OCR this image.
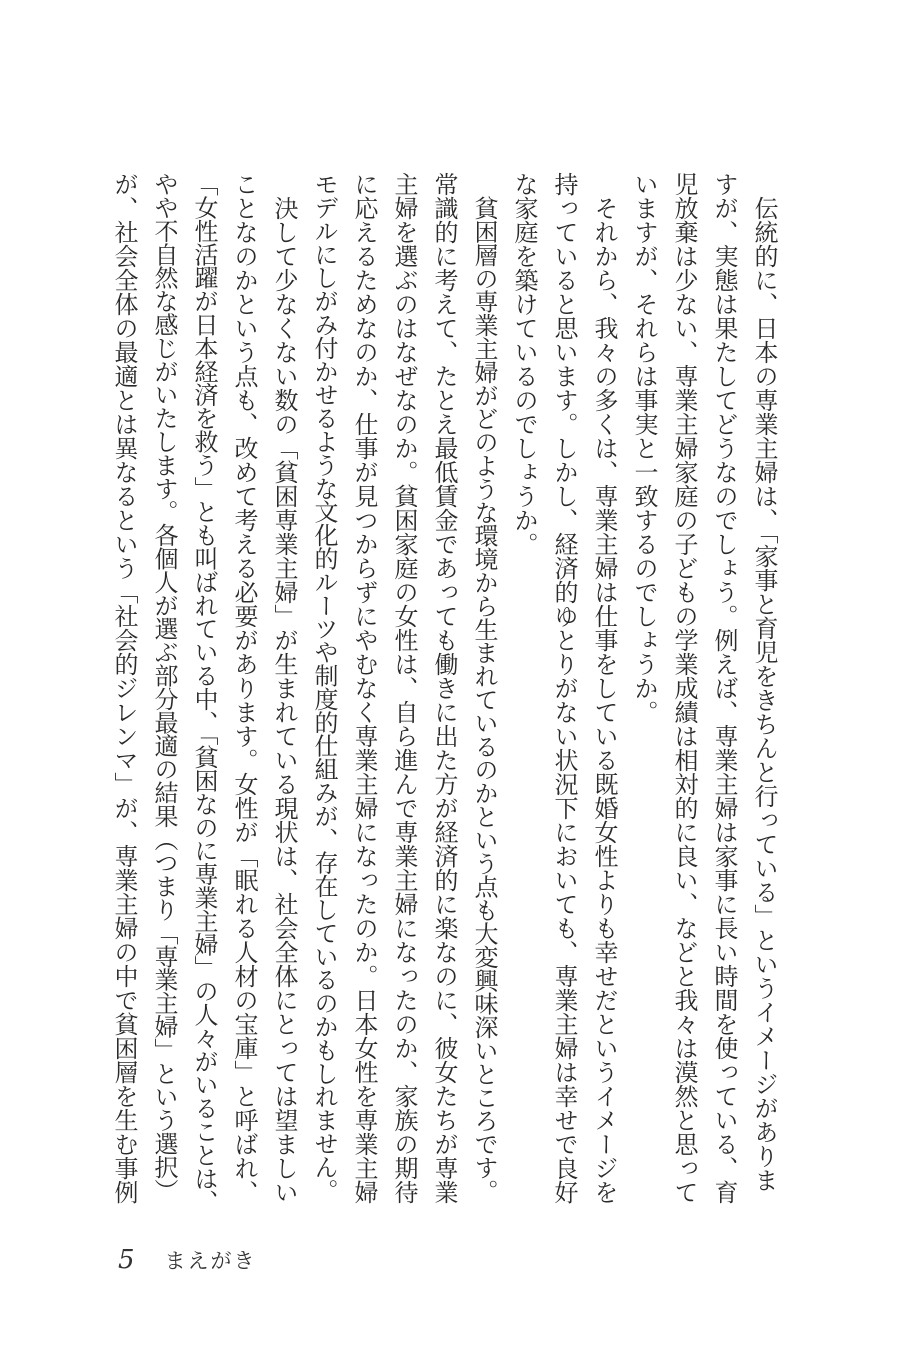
伝統的に、日本の専業主婦は、「家事と育児をきちんと行っている」というイメージがありま

すが、実態は果たしてどうなのでしょう。例えば、専業主婦は家事に長い時間を使っている、育

児放棄は少ない、専業主婦家庭の子どもの学業成績は相対的に良い、などと我々は漠然と思って

いますが、それらは事実と一致するのでしょうか。

それから、我々の多くは、専業主婦は仕事をしている既婚女性よりも幸せだというイメージを

持っていると思います。しかし、経済的ゆとりがない状況下においても、専業主婦は幸せで良好

な家庭を築けているのでしょうか。

貧困層の専業主婦がどのような環境から生まれているのかという点も大変興味深いところです。

常識的に考えて、たとえ最低賃金であっても働きに出た方が経済的に楽なのに、彼女たちが専業

主婦を選ぶのはなぜなのか。貧困家庭の女性は、自ら進んで専業主婦になったのか、家族の期待

に応えるためなのか、仕事が見つからずにやむなく専業主婦になったのか。日本女性を専業主婦

モデルにしがみ付かせるような文化的ルーツや制度的仕組みが、存在しているのかもしれません。

決して少なくない数の「貧困専業主婦」が生まれている現状は、社会全体にとっては望ましい

ことなのかという点も、改めて考える必要があります。女性が「眠れる人材の宝庫」と呼ばれ、

「女性活躍が日本経済を救う」とも叫ばれている中、「貧困なのに専業主婦」の人々がいることは、

やや不自然な感じがいたします。各個人が選ぶ部分最適の結果（つまり「専業主婦」という選択）

が、社会全体の最適とは異なるという「社会的ジレンマ」が、専業主婦の中で貧困層を生む事例

5 まえがき
